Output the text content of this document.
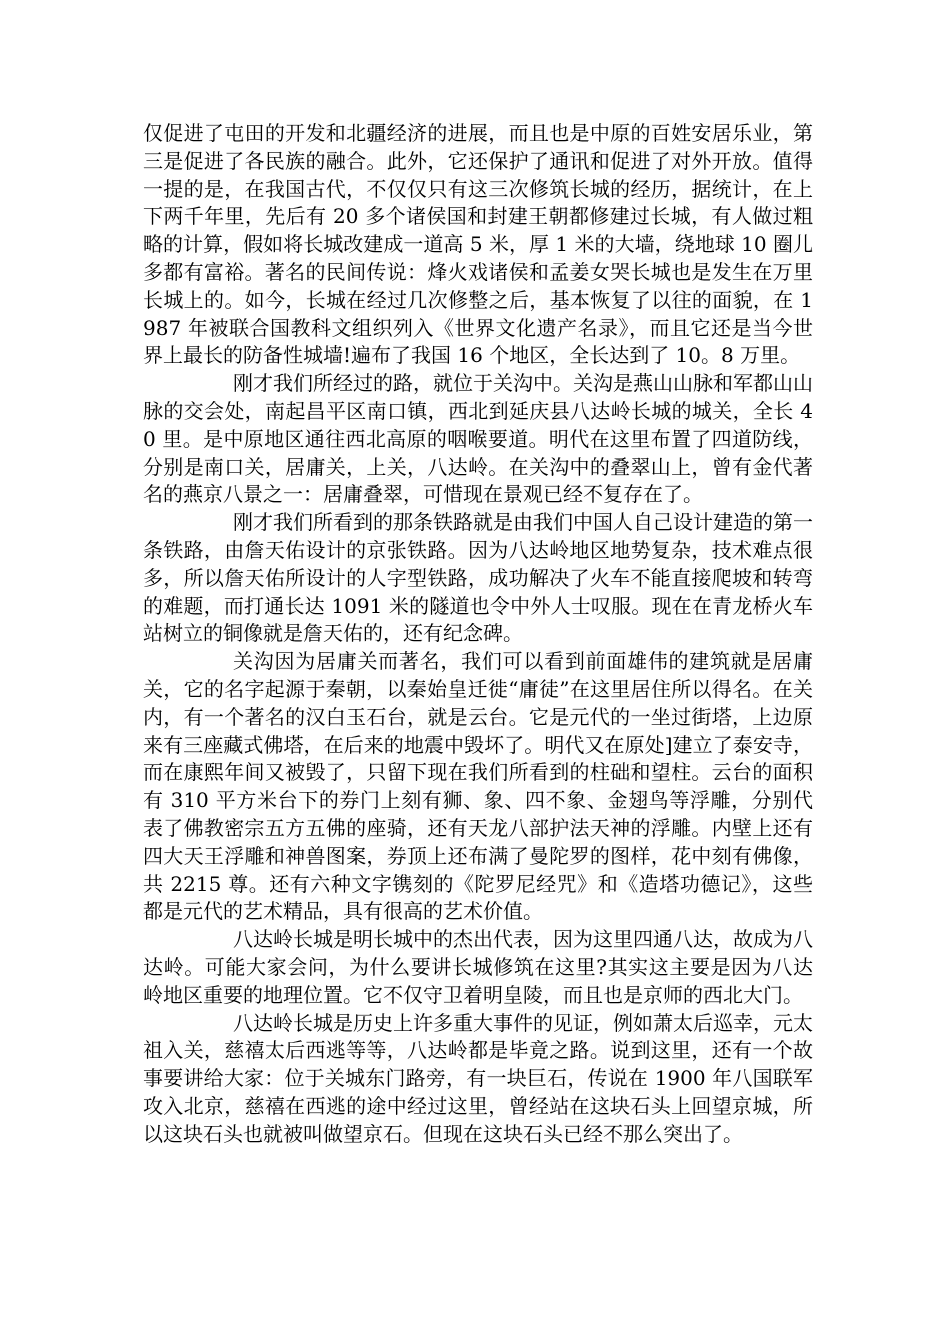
仅促进了屯田的开发和北疆经济的进展，而且也是中原的百姓安居乐业，第三是促进了各民族的融合。此外，它还保护了通讯和促进了对外开放。值得一提的是，在我国古代，不仅仅只有这三次修筑长城的经历，据统计，在上下两千年里，先后有 20 多个诸侯国和封建王朝都修建过长城，有人做过粗略的计算，假如将长城改建成一道高 5 米，厚 1 米的大墙，绕地球 10 圈儿多都有富裕。著名的民间传说：烽火戏诸侯和孟姜女哭长城也是发生在万里长城上的。如今，长城在经过几次修整之后，基本恢复了以往的面貌，在 1987 年被联合国教科文组织列入《世界文化遗产名录》，而且它还是当今世界上最长的防备性城墙!遍布了我国 16 个地区，全长达到了 10。8 万里。

刚才我们所经过的路，就位于关沟中。关沟是燕山山脉和军都山山脉的交会处，南起昌平区南口镇，西北到延庆县八达岭长城的城关，全长 40 里。是中原地区通往西北高原的咽喉要道。明代在这里布置了四道防线，分别是南口关，居庸关，上关，八达岭。在关沟中的叠翠山上，曾有金代著名的燕京八景之一：居庸叠翠，可惜现在景观已经不复存在了。

刚才我们所看到的那条铁路就是由我们中国人自己设计建造的第一条铁路，由詹天佑设计的京张铁路。因为八达岭地区地势复杂，技术难点很多，所以詹天佑所设计的人字型铁路，成功解决了火车不能直接爬坡和转弯的难题，而打通长达 1091 米的隧道也令中外人士叹服。现在在青龙桥火车站树立的铜像就是詹天佑的，还有纪念碑。

关沟因为居庸关而著名，我们可以看到前面雄伟的建筑就是居庸关，它的名字起源于秦朝，以秦始皇迁徙“庸徒”在这里居住所以得名。在关内，有一个著名的汉白玉石台，就是云台。它是元代的一坐过街塔，上边原来有三座藏式佛塔，在后来的地震中毁坏了。明代又在原处]建立了泰安寺，而在康熙年间又被毁了，只留下现在我们所看到的柱础和望柱。云台的面积有 310 平方米台下的券门上刻有狮、象、四不象、金翅鸟等浮雕，分别代表了佛教密宗五方五佛的座骑，还有天龙八部护法天神的浮雕。内壁上还有四大天王浮雕和神兽图案，券顶上还布满了曼陀罗的图样，花中刻有佛像，共 2215 尊。还有六种文字镌刻的《陀罗尼经咒》和《造塔功德记》，这些都是元代的艺术精品，具有很高的艺术价值。

八达岭长城是明长城中的杰出代表，因为这里四通八达，故成为八达岭。可能大家会问，为什么要讲长城修筑在这里?其实这主要是因为八达岭地区重要的地理位置。它不仅守卫着明皇陵，而且也是京师的西北大门。

八达岭长城是历史上许多重大事件的见证，例如萧太后巡幸，元太祖入关，慈禧太后西逃等等，八达岭都是毕竟之路。说到这里，还有一个故事要讲给大家：位于关城东门路旁，有一块巨石，传说在 1900 年八国联军攻入北京，慈禧在西逃的途中经过这里，曾经站在这块石头上回望京城，所以这块石头也就被叫做望京石。但现在这块石头已经不那么突出了。
